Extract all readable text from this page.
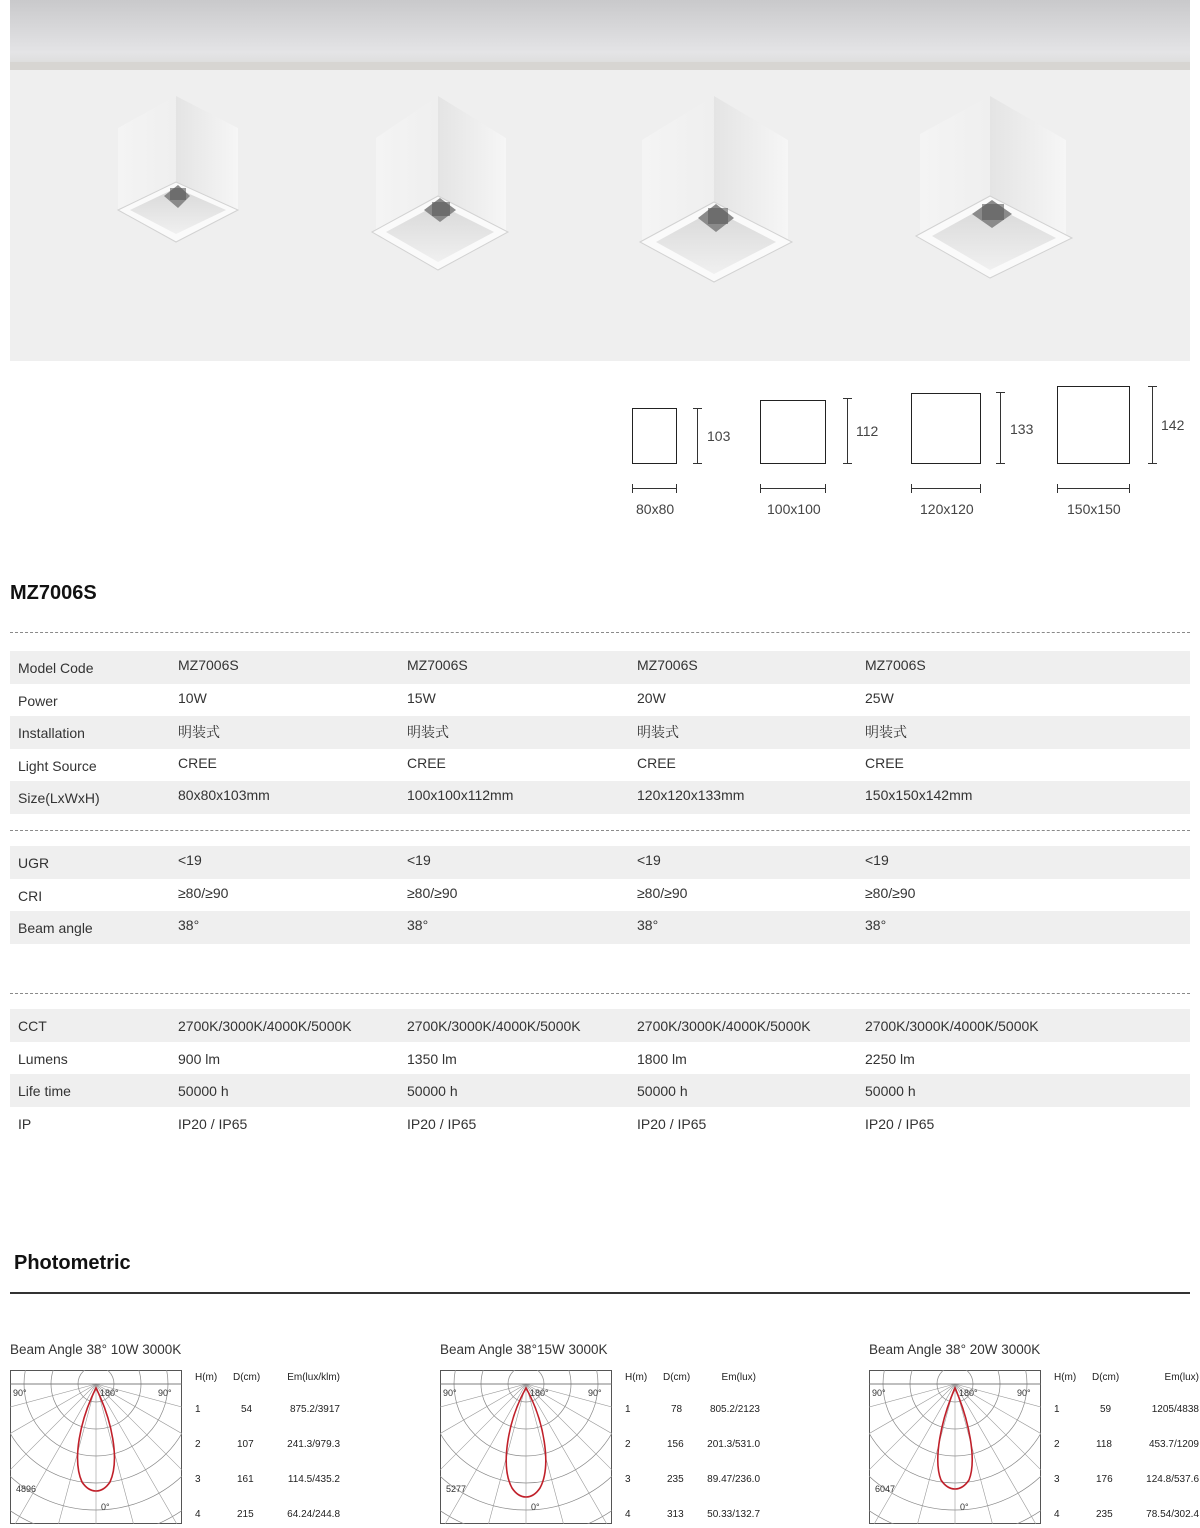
103
80x80
112
100x100
133
120x120
142
150x150
MZ7006S
Model Code	MZ7006S	MZ7006S	MZ7006S	MZ7006S
Power	10W	15W	20W	25W
Installation	明装式	明装式	明装式	明装式
Light Source	CREE	CREE	CREE	CREE
Size(LxWxH)	80x80x103mm	100x100x112mm	120x120x133mm	150x150x142mm
UGR	<19	<19	<19	<19
CRI	≥80/≥90	≥80/≥90	≥80/≥90	≥80/≥90
Beam angle	38°	38°	38°	38°
CCT	2700K/3000K/4000K/5000K	2700K/3000K/4000K/5000K	2700K/3000K/4000K/5000K	2700K/3000K/4000K/5000K
Lumens	900 lm	1350 lm	1800 lm	2250 lm
Life time	50000 h	50000 h	50000 h	50000 h
IP	IP20 / IP65	IP20 / IP65	IP20 / IP65	IP20 / IP65
Photometric
Beam Angle 38° 10W 3000K
90°	180°	90°
0°
4896
H(m) D(cm)	Em(lux/klm)
1	54	875.2/3917
2	107	241.3/979.3
3	161	114.5/435.2
4	215	64.24/244.8
Beam Angle 38°15W 3000K
90°	180°	90°
0°
5277
H(m) D(cm)	Em(lux)
1	78	805.2/2123
2	156 201.3/531.0
3	235 89.47/236.0
4	313 50.33/132.7
Beam Angle 38° 20W 3000K
90°	180°	90°
0°
6047
H(m) D(cm)	Em(lux)
1	59	1205/4838
2	118	453.7/1209
3	176	124.8/537.6
4	235	78.54/302.4
